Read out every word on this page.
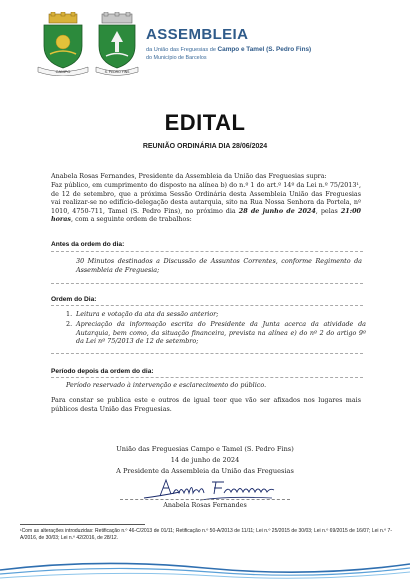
CAMPO	S. PEDRO FINS
ASSEMBLEIA
da União das Freguesias de Campo e Tamel (S. Pedro Fins)
do Município de Barcelos
EDITAL
REUNIÃO ORDINÁRIA DIA 28/06/2024
Anabela Rosas Fernandes, Presidente da Assembleia da União das Freguesias supra:
Faz público, em cumprimento do disposto na alínea b) do n.º 1 do art.º 14º da Lei n.º 75/2013¹, de 12 de setembro, que a próxima Sessão Ordinária desta Assembleia União das Freguesias vai realizar-se no edifício-delegação desta autarquia, sito na Rua Nossa Senhora da Portela, nº 1010, 4750-711, Tamel (S. Pedro Fins), no próximo dia 28 de junho de 2024, pelas 21:00 horas, com a seguinte ordem de trabalhos:
Antes da ordem do dia:
30 Minutos destinados a Discussão de Assuntos Correntes, conforme Regimento da Assembleia de Freguesia;
Ordem do Dia:
1. Leitura e votação da ata da sessão anterior;
2. Apreciação da informação escrita do Presidente da Junta acerca da atividade da Autarquia, bem como, da situação financeira, prevista na alínea e) do nº 2 do artigo 9º da Lei nº 75/2013 de 12 de setembro;
Período depois da ordem do dia:
Período reservado à intervenção e esclarecimento do público.
Para constar se publica este e outros de igual teor que vão ser afixados nos lugares mais públicos desta União das Freguesias.
União das Freguesias Campo e Tamel (S. Pedro Fins)
14 de junho de 2024
A Presidente da Assembleia da União das Freguesias
Anabela Rosas Fernandes
¹Com as alterações introduzidas: Retificação n.º 46-C/2013 de 01/11; Retificação n.º 50-A/2013 de 11/11; Lei n.º 25/2015 de 30/03; Lei n.º 69/2015 de 16/07; Lei n.º 7-A/2016, de 30/03; Lei n.º 42/2016, de 28/12.
